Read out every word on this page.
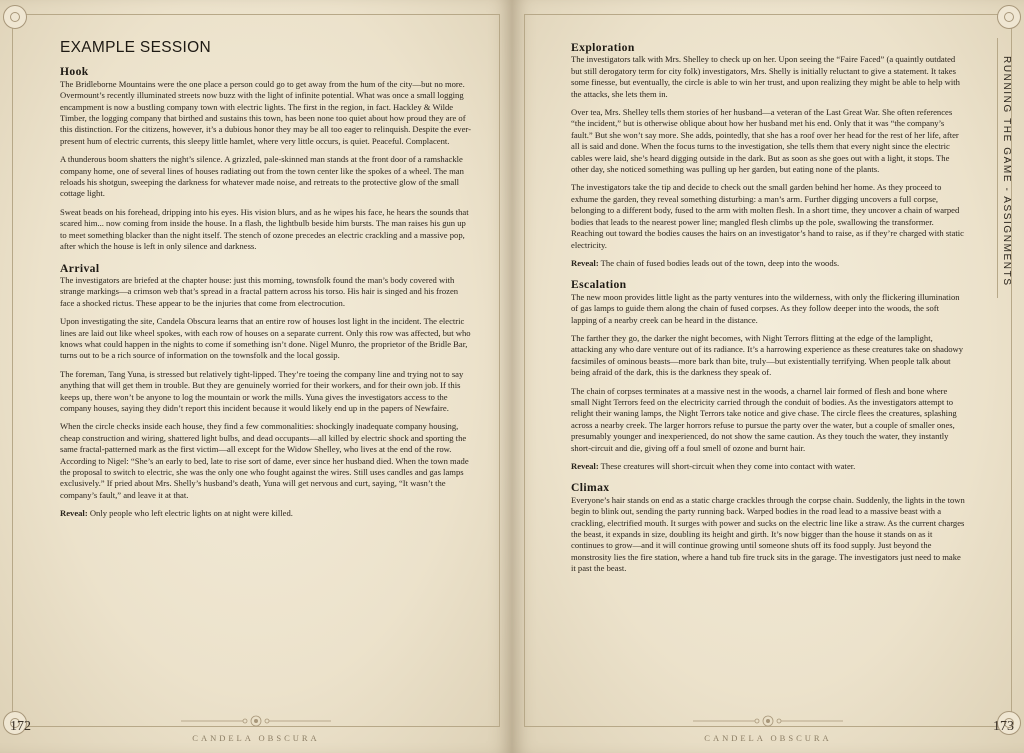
EXAMPLE SESSION
Hook

The Bridleborne Mountains were the one place a person could go to get away from the hum of the city—but no more. Overmount’s recently illuminated streets now buzz with the light of infinite potential. What was once a small logging encampment is now a bustling company town with electric lights. The first in the region, in fact. Hackley & Wilde Timber, the logging company that birthed and sustains this town, has been none too quiet about how proud they are of this distinction. For the citizens, however, it’s a dubious honor they may be all too eager to relinquish. Despite the ever-present hum of electric currents, this sleepy little hamlet, where very little occurs, is quiet. Peaceful. Complacent.

A thunderous boom shatters the night’s silence. A grizzled, pale-skinned man stands at the front door of a ramshackle company home, one of several lines of houses radiating out from the town center like the spokes of a wheel. The man reloads his shotgun, sweeping the darkness for whatever made noise, and retreats to the protective glow of the small cottage light.

Sweat beads on his forehead, dripping into his eyes. His vision blurs, and as he wipes his face, he hears the sounds that scared him... now coming from inside the house. In a flash, the lightbulb beside him bursts. The man raises his gun up to meet something blacker than the night itself. The stench of ozone precedes an electric crackling and a massive pop, after which the house is left in only silence and darkness.

Arrival

The investigators are briefed at the chapter house: just this morning, townsfolk found the man’s body covered with strange markings—a crimson web that’s spread in a fractal pattern across his torso. His hair is singed and his frozen face a shocked rictus. These appear to be the injuries that come from electrocution.

Upon investigating the site, Candela Obscura learns that an entire row of houses lost light in the incident. The electric lines are laid out like wheel spokes, with each row of houses on a separate current. Only this row was affected, but who knows what could happen in the nights to come if something isn’t done. Nigel Munro, the proprietor of the Bridle Bar, turns out to be a rich source of information on the townsfolk and the local gossip.

The foreman, Tang Yuna, is stressed but relatively tight-lipped. They’re toeing the company line and trying not to say anything that will get them in trouble. But they are genuinely worried for their workers, and for their own job. If this keeps up, there won’t be anyone to log the mountain or work the mills. Yuna gives the investigators access to the company houses, saying they didn’t report this incident because it would likely end up in the papers of Newfaire.

When the circle checks inside each house, they find a few commonalities: shockingly inadequate company housing, cheap construction and wiring, shattered light bulbs, and dead occupants—all killed by electric shock and sporting the same fractal-patterned mark as the first victim—all except for the Widow Shelley, who lives at the end of the row. According to Nigel: “She’s an early to bed, late to rise sort of dame, ever since her husband died. When the town made the proposal to switch to electric, she was the only one who fought against the wires. Still uses candles and gas lamps exclusively.” If pried about Mrs. Shelly’s husband’s death, Yuna will get nervous and curt, saying, “It wasn’t the company’s fault,” and leave it at that.

Reveal: Only people who left electric lights on at night were killed.

CANDELA OBSCURA
172
RUNNING THE GAME - ASSIGNMENTS
Exploration

The investigators talk with Mrs. Shelley to check up on her. Upon seeing the “Faire Faced” (a quaintly outdated but still derogatory term for city folk) investigators, Mrs. Shelly is initially reluctant to give a statement. It takes some finesse, but eventually, the circle is able to win her trust, and upon realizing they might be able to help with the attacks, she lets them in.

Over tea, Mrs. Shelley tells them stories of her husband—a veteran of the Last Great War. She often references “the incident,” but is otherwise oblique about how her husband met his end. Only that it was “the company’s fault.” But she won’t say more. She adds, pointedly, that she has a roof over her head for the rest of her life, after all is said and done. When the focus turns to the investigation, she tells them that every night since the electric cables were laid, she’s heard digging outside in the dark. But as soon as she goes out with a light, it stops. The other day, she noticed something was pulling up her garden, but eating none of the plants.

The investigators take the tip and decide to check out the small garden behind her home. As they proceed to exhume the garden, they reveal something disturbing: a man’s arm. Further digging uncovers a full corpse, belonging to a different body, fused to the arm with molten flesh. In a short time, they uncover a chain of warped bodies that leads to the nearest power line; mangled flesh climbs up the pole, swallowing the transformer. Reaching out toward the bodies causes the hairs on an investigator’s hand to raise, as if they’re charged with static electricity.

Reveal: The chain of fused bodies leads out of the town, deep into the woods.

Escalation

The new moon provides little light as the party ventures into the wilderness, with only the flickering illumination of gas lamps to guide them along the chain of fused corpses. As they follow deeper into the woods, the soft lapping of a nearby creek can be heard in the distance.

The farther they go, the darker the night becomes, with Night Terrors flitting at the edge of the lamplight, attacking any who dare venture out of its radiance. It’s a harrowing experience as these creatures take on shadowy facsimiles of ominous beasts—more bark than bite, truly—but existentially terrifying. When people talk about being afraid of the dark, this is the darkness they speak of.

The chain of corpses terminates at a massive nest in the woods, a charnel lair formed of flesh and bone where small Night Terrors feed on the electricity carried through the conduit of bodies. As the investigators attempt to relight their waning lamps, the Night Terrors take notice and give chase. The circle flees the creatures, splashing across a nearby creek. The larger horrors refuse to pursue the party over the water, but a couple of smaller ones, presumably younger and inexperienced, do not show the same caution. As they touch the water, they instantly short-circuit and die, giving off a foul smell of ozone and burnt hair.

Reveal: These creatures will short-circuit when they come into contact with water.

Climax

Everyone’s hair stands on end as a static charge crackles through the corpse chain. Suddenly, the lights in the town begin to blink out, sending the party running back. Warped bodies in the road lead to a massive beast with a crackling, electrified mouth. It surges with power and sucks on the electric line like a straw. As the current charges the beast, it expands in size, doubling its height and girth. It’s now bigger than the house it stands on as it continues to grow—and it will continue growing until someone shuts off its food supply. Just beyond the monstrosity lies the fire station, where a hand tub fire truck sits in the garage. The investigators just need to make it past the beast.

CANDELA OBSCURA
173
